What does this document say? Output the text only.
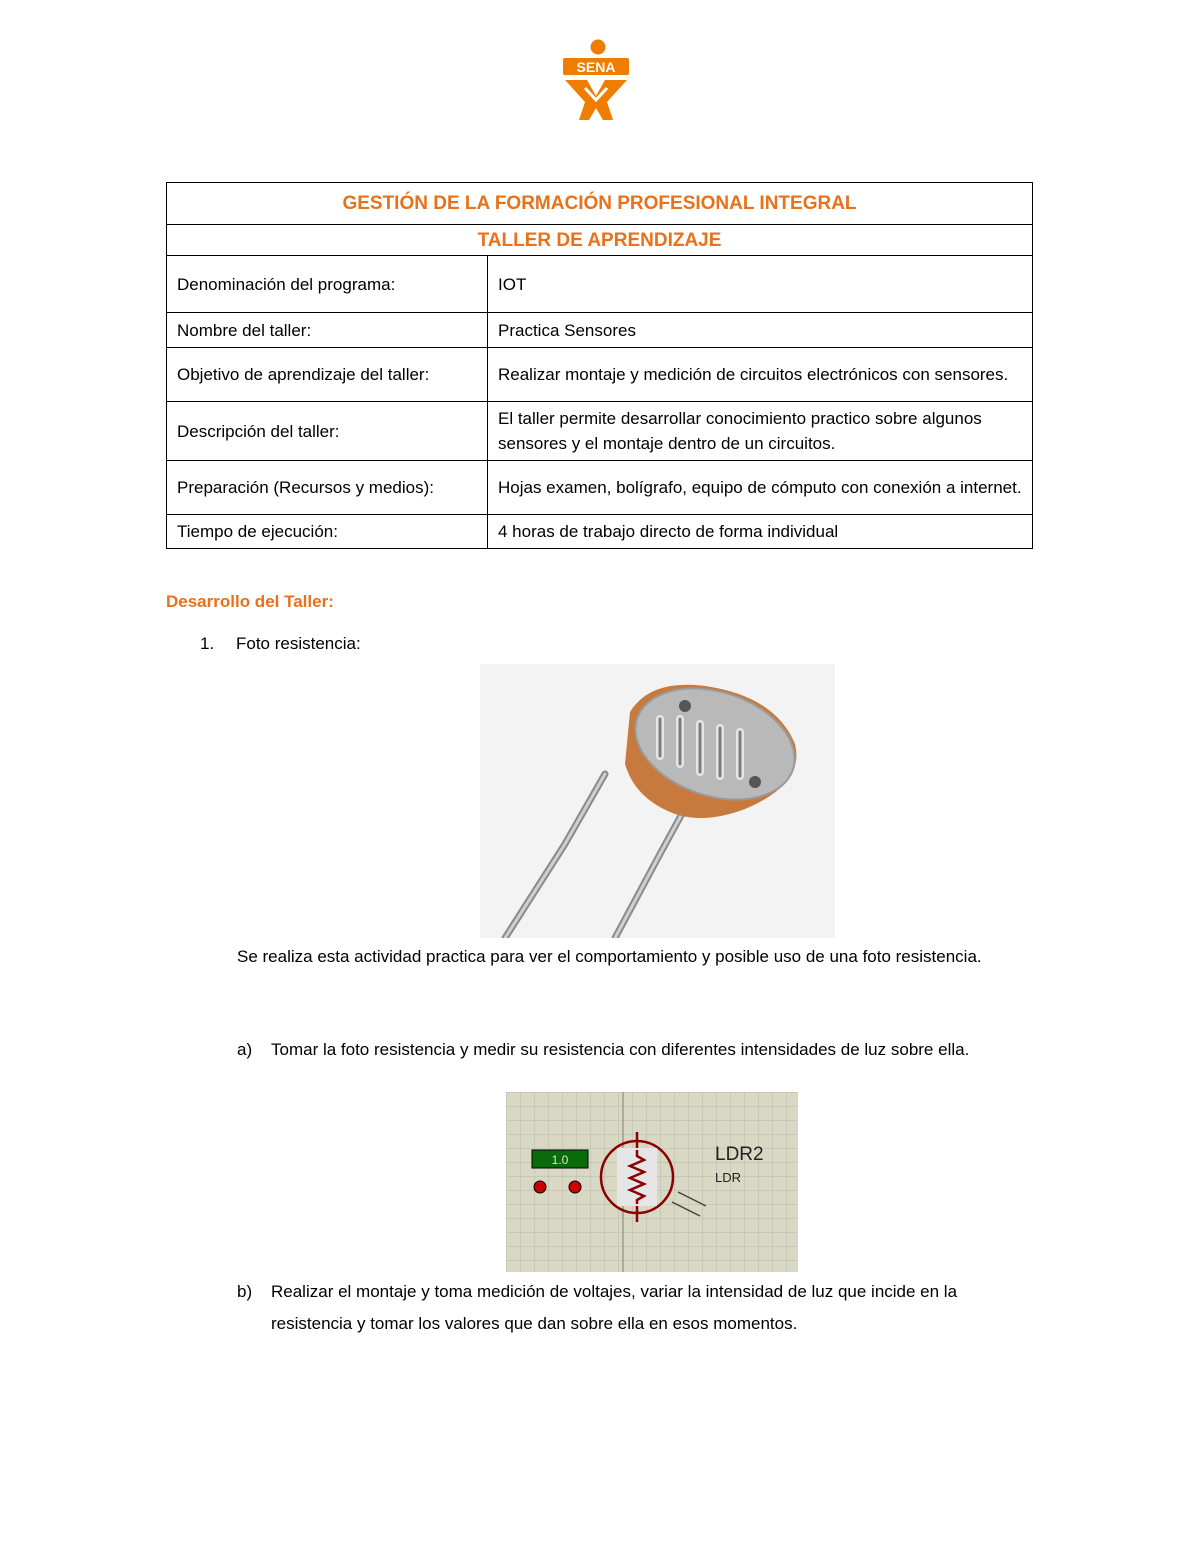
SENA
GESTIÓN DE LA FORMACIÓN PROFESIONAL INTEGRAL	
TALLER DE APRENDIZAJE	
Denominación del programa:	IOT
Nombre del taller:	Practica Sensores
Objetivo de aprendizaje del taller:	Realizar montaje y medición de circuitos electrónicos con sensores.
Descripción del taller:	El taller permite desarrollar conocimiento practico sobre algunos sensores y el montaje dentro de un circuitos.
Preparación (Recursos y medios):	Hojas examen, bolígrafo, equipo de cómputo con conexión a internet.
Tiempo de ejecución:	4 horas de trabajo directo de forma individual
Desarrollo del Taller:
1. Foto resistencia:
Se realiza esta actividad practica para ver el comportamiento y posible uso de una foto resistencia.
a) Tomar la foto resistencia y medir su resistencia con diferentes intensidades de luz sobre ella.
1.0	LDR2
LDR
b) Realizar el montaje y toma medición de voltajes, variar la intensidad de luz que incide en la resistencia y tomar los valores que dan sobre ella en esos momentos.
